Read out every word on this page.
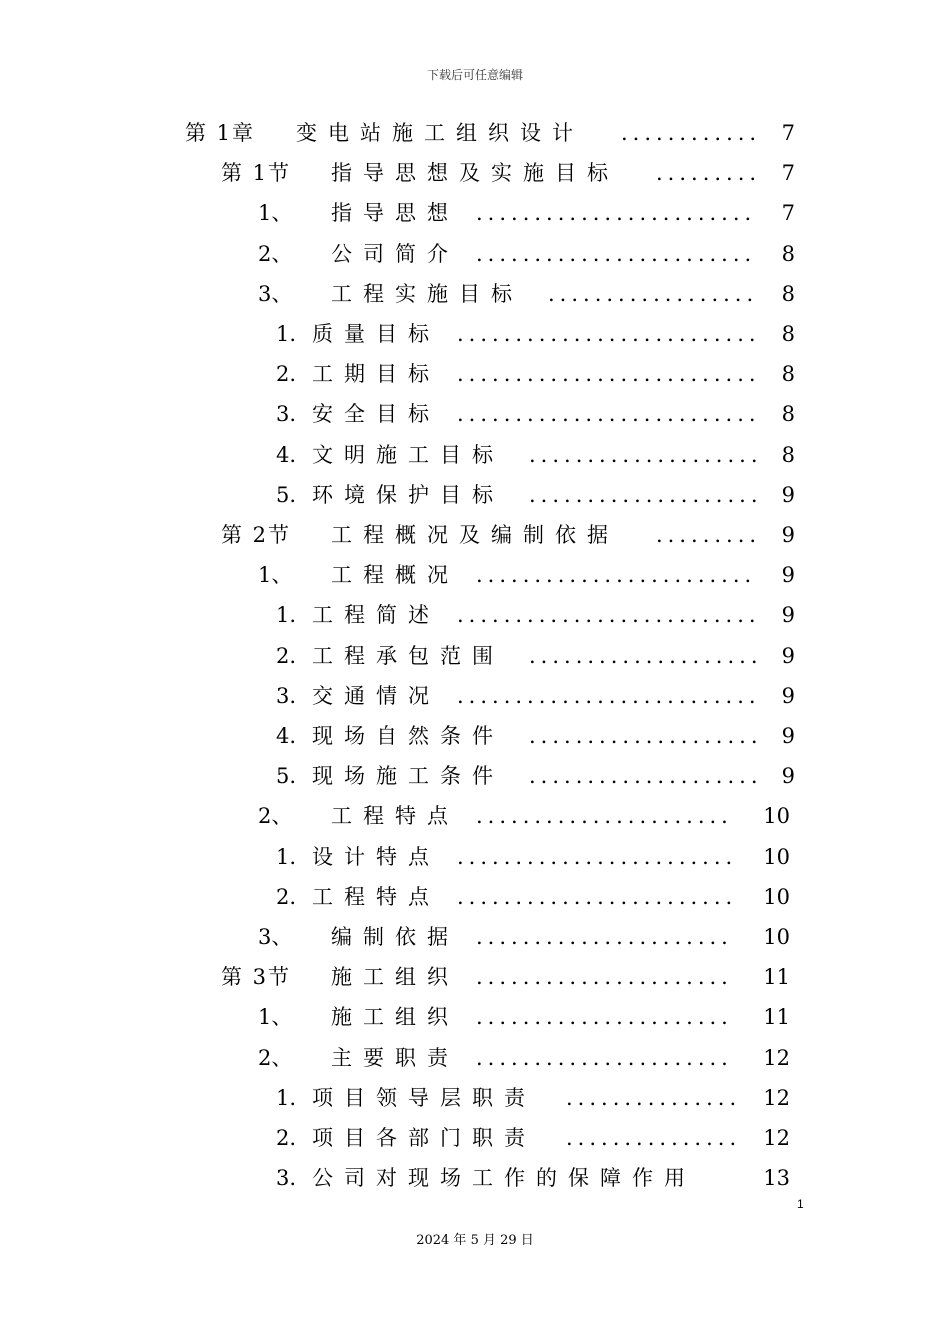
下载后可任意编辑
第 1章 变电站施工组织设计 ............ 7
第 1节 指导思想及实施目标 ......... 7
1、 指导思想 ........................ 7
2、 公司简介 ........................ 8
3、 工程实施目标 .................. 8
1. 质量目标 .......................... 8
2. 工期目标 .......................... 8
3. 安全目标 .......................... 8
4. 文明施工目标 .................... 8
5. 环境保护目标 .................... 9
第 2节 工程概况及编制依据 ......... 9
1、 工程概况 ........................ 9
1. 工程简述 .......................... 9
2. 工程承包范围 .................... 9
3. 交通情况 .......................... 9
4. 现场自然条件 .................... 9
5. 现场施工条件 .................... 9
2、 工程特点 ...................... 10
1. 设计特点 ........................ 10
2. 工程特点 ........................ 10
3、 编制依据 ...................... 10
第 3节 施工组织 ...................... 11
1、 施工组织 ...................... 11
2、 主要职责 ...................... 12
1. 项目领导层职责 ............... 12
2. 项目各部门职责 ............... 12
3. 公司对现场工作的保障作用	13
1
2024 年 5 月 29 日
